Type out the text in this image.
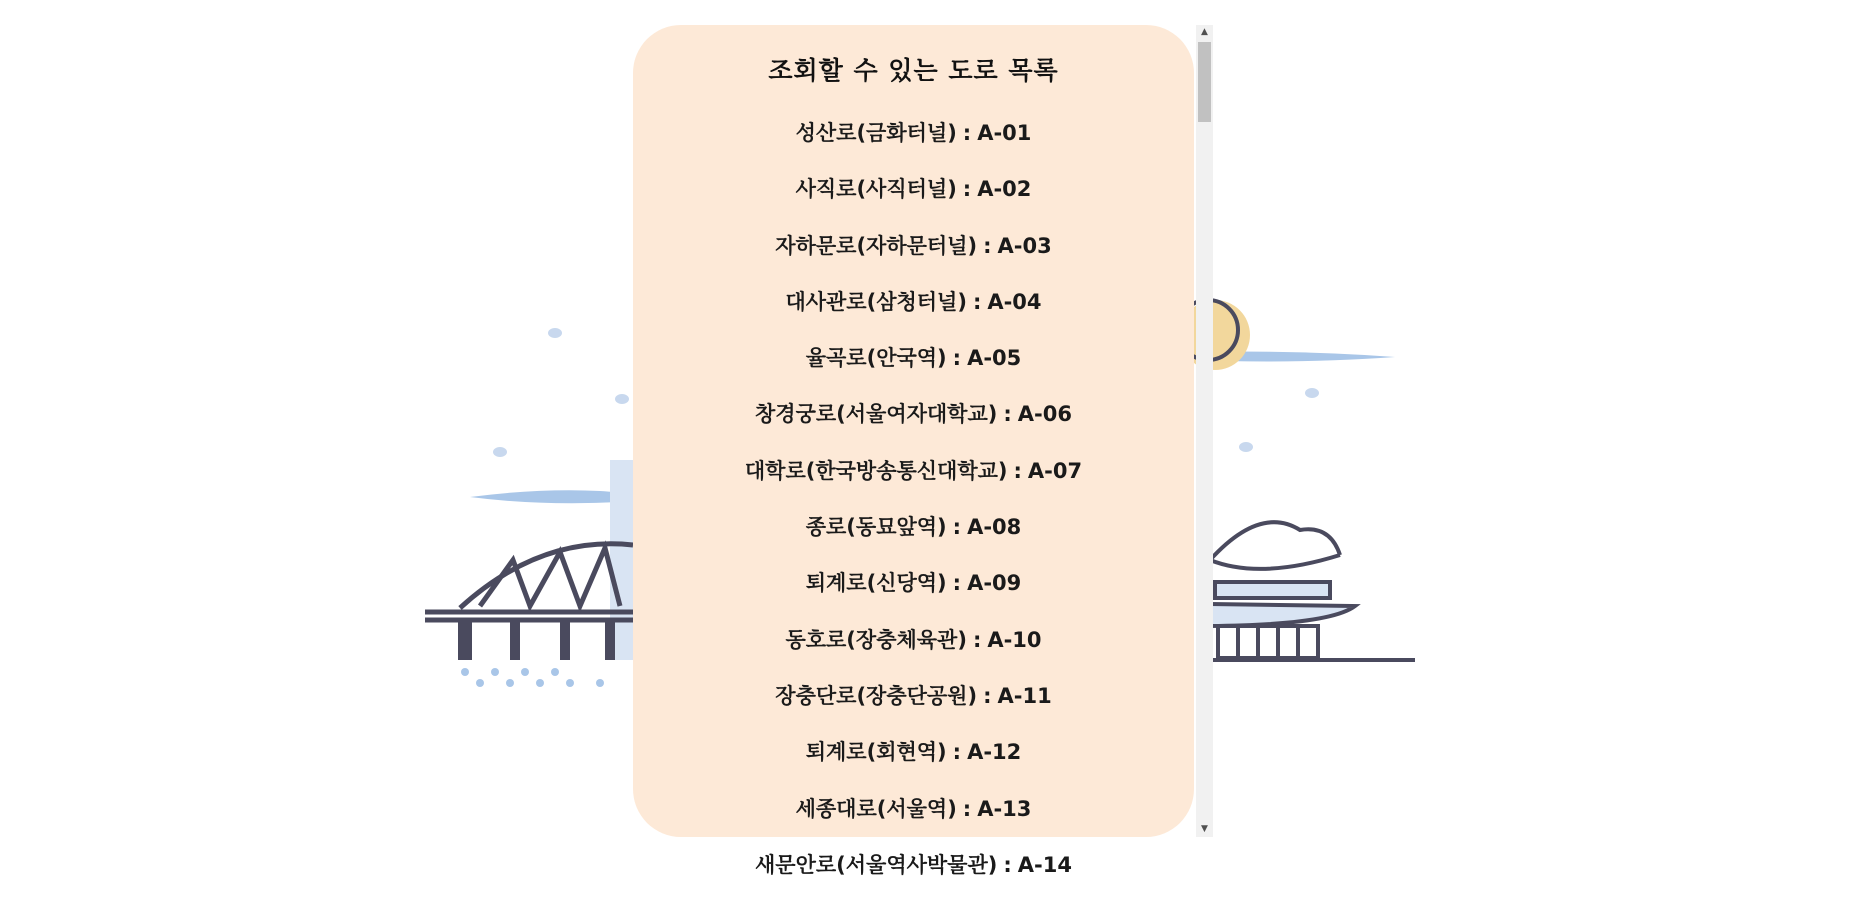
조회할 수 있는 도로 목록
성산로(금화터널) : A-01
사직로(사직터널) : A-02
자하문로(자하문터널) : A-03
대사관로(삼청터널) : A-04
율곡로(안국역) : A-05
창경궁로(서울여자대학교) : A-06
대학로(한국방송통신대학교) : A-07
종로(동묘앞역) : A-08
퇴계로(신당역) : A-09
동호로(장충체육관) : A-10
장충단로(장충단공원) : A-11
퇴계로(회현역) : A-12
세종대로(서울역) : A-13
새문안로(서울역사박물관) : A-14
▲
▼
